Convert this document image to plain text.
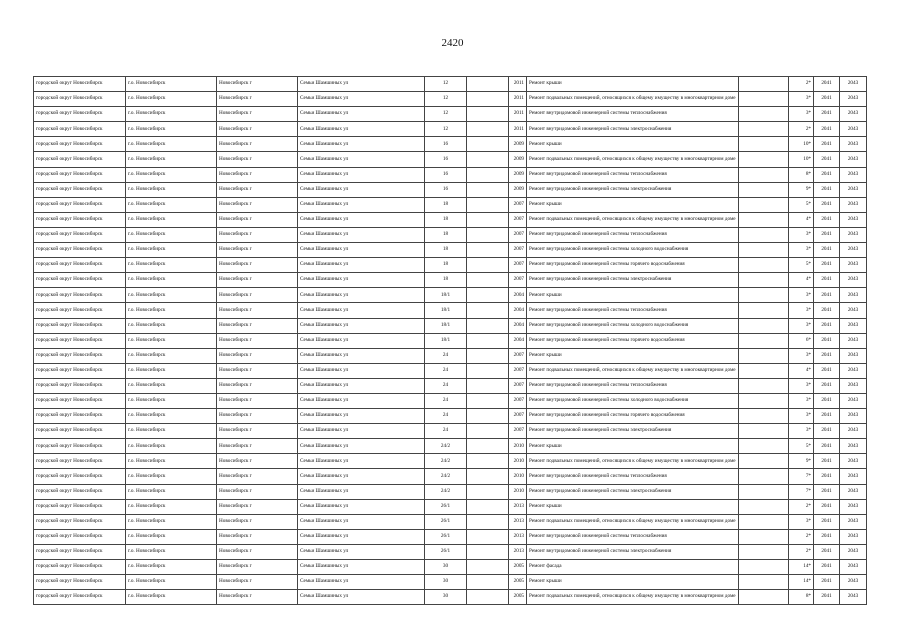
2420
городской округ Новосибирск	г.о. Новосибирск	Новосибирск г	Семьи Шамшиных ул	12		2011	Ремонт крыши		2*	2041	2043
городской округ Новосибирск	г.о. Новосибирск	Новосибирск г	Семьи Шамшиных ул	12		2011	Ремонт подвальных помещений, относящихся к общему имуществу в многоквартирном доме		3*	2041	2043
городской округ Новосибирск	г.о. Новосибирск	Новосибирск г	Семьи Шамшиных ул	12		2011	Ремонт внутридомовой инженерной системы теплоснабжения		3*	2041	2043
городской округ Новосибирск	г.о. Новосибирск	Новосибирск г	Семьи Шамшиных ул	12		2011	Ремонт внутридомовой инженерной системы электроснабжения		2*	2041	2043
городской округ Новосибирск	г.о. Новосибирск	Новосибирск г	Семьи Шамшиных ул	16		2009	Ремонт крыши		10*	2041	2043
городской округ Новосибирск	г.о. Новосибирск	Новосибирск г	Семьи Шамшиных ул	16		2009	Ремонт подвальных помещений, относящихся к общему имуществу в многоквартирном доме		10*	2041	2043
городской округ Новосибирск	г.о. Новосибирск	Новосибирск г	Семьи Шамшиных ул	16		2009	Ремонт внутридомовой инженерной системы теплоснабжения		8*	2041	2043
городской округ Новосибирск	г.о. Новосибирск	Новосибирск г	Семьи Шамшиных ул	16		2009	Ремонт внутридомовой инженерной системы электроснабжения		9*	2041	2043
городской округ Новосибирск	г.о. Новосибирск	Новосибирск г	Семьи Шамшиных ул	18		2007	Ремонт крыши		5*	2041	2043
городской округ Новосибирск	г.о. Новосибирск	Новосибирск г	Семьи Шамшиных ул	18		2007	Ремонт подвальных помещений, относящихся к общему имуществу в многоквартирном доме		4*	2041	2043
городской округ Новосибирск	г.о. Новосибирск	Новосибирск г	Семьи Шамшиных ул	18		2007	Ремонт внутридомовой инженерной системы теплоснабжения		3*	2041	2043
городской округ Новосибирск	г.о. Новосибирск	Новосибирск г	Семьи Шамшиных ул	18		2007	Ремонт внутридомовой инженерной системы холодного водоснабжения		3*	2041	2043
городской округ Новосибирск	г.о. Новосибирск	Новосибирск г	Семьи Шамшиных ул	18		2007	Ремонт внутридомовой инженерной системы горячего водоснабжения		5*	2041	2043
городской округ Новосибирск	г.о. Новосибирск	Новосибирск г	Семьи Шамшиных ул	18		2007	Ремонт внутридомовой инженерной системы электроснабжения		4*	2041	2043
городской округ Новосибирск	г.о. Новосибирск	Новосибирск г	Семьи Шамшиных ул	18/1		2004	Ремонт крыши		3*	2041	2043
городской округ Новосибирск	г.о. Новосибирск	Новосибирск г	Семьи Шамшиных ул	18/1		2004	Ремонт внутридомовой инженерной системы теплоснабжения		3*	2041	2043
городской округ Новосибирск	г.о. Новосибирск	Новосибирск г	Семьи Шамшиных ул	18/1		2004	Ремонт внутридомовой инженерной системы холодного водоснабжения		3*	2041	2043
городской округ Новосибирск	г.о. Новосибирск	Новосибирск г	Семьи Шамшиных ул	18/1		2004	Ремонт внутридомовой инженерной системы горячего водоснабжения		6*	2041	2043
городской округ Новосибирск	г.о. Новосибирск	Новосибирск г	Семьи Шамшиных ул	24		2007	Ремонт крыши		3*	2041	2043
городской округ Новосибирск	г.о. Новосибирск	Новосибирск г	Семьи Шамшиных ул	24		2007	Ремонт подвальных помещений, относящихся к общему имуществу в многоквартирном доме		4*	2041	2043
городской округ Новосибирск	г.о. Новосибирск	Новосибирск г	Семьи Шамшиных ул	24		2007	Ремонт внутридомовой инженерной системы теплоснабжения		3*	2041	2043
городской округ Новосибирск	г.о. Новосибирск	Новосибирск г	Семьи Шамшиных ул	24		2007	Ремонт внутридомовой инженерной системы холодного водоснабжения		3*	2041	2043
городской округ Новосибирск	г.о. Новосибирск	Новосибирск г	Семьи Шамшиных ул	24		2007	Ремонт внутридомовой инженерной системы горячего водоснабжения		3*	2041	2043
городской округ Новосибирск	г.о. Новосибирск	Новосибирск г	Семьи Шамшиных ул	24		2007	Ремонт внутридомовой инженерной системы электроснабжения		3*	2041	2043
городской округ Новосибирск	г.о. Новосибирск	Новосибирск г	Семьи Шамшиных ул	24/2		2010	Ремонт крыши		5*	2041	2043
городской округ Новосибирск	г.о. Новосибирск	Новосибирск г	Семьи Шамшиных ул	24/2		2010	Ремонт подвальных помещений, относящихся к общему имуществу в многоквартирном доме		9*	2041	2043
городской округ Новосибирск	г.о. Новосибирск	Новосибирск г	Семьи Шамшиных ул	24/2		2010	Ремонт внутридомовой инженерной системы теплоснабжения		7*	2041	2043
городской округ Новосибирск	г.о. Новосибирск	Новосибирск г	Семьи Шамшиных ул	24/2		2010	Ремонт внутридомовой инженерной системы электроснабжения		7*	2041	2043
городской округ Новосибирск	г.о. Новосибирск	Новосибирск г	Семьи Шамшиных ул	26/1		2013	Ремонт крыши		2*	2041	2043
городской округ Новосибирск	г.о. Новосибирск	Новосибирск г	Семьи Шамшиных ул	26/1		2013	Ремонт подвальных помещений, относящихся к общему имуществу в многоквартирном доме		3*	2041	2043
городской округ Новосибирск	г.о. Новосибирск	Новосибирск г	Семьи Шамшиных ул	26/1		2013	Ремонт внутридомовой инженерной системы теплоснабжения		2*	2041	2043
городской округ Новосибирск	г.о. Новосибирск	Новосибирск г	Семьи Шамшиных ул	26/1		2013	Ремонт внутридомовой инженерной системы электроснабжения		2*	2041	2043
городской округ Новосибирск	г.о. Новосибирск	Новосибирск г	Семьи Шамшиных ул	30		2005	Ремонт фасада		14*	2041	2043
городской округ Новосибирск	г.о. Новосибирск	Новосибирск г	Семьи Шамшиных ул	30		2005	Ремонт крыши		14*	2041	2043
городской округ Новосибирск	г.о. Новосибирск	Новосибирск г	Семьи Шамшиных ул	30		2005	Ремонт подвальных помещений, относящихся к общему имуществу в многоквартирном доме		8*	2041	2043
